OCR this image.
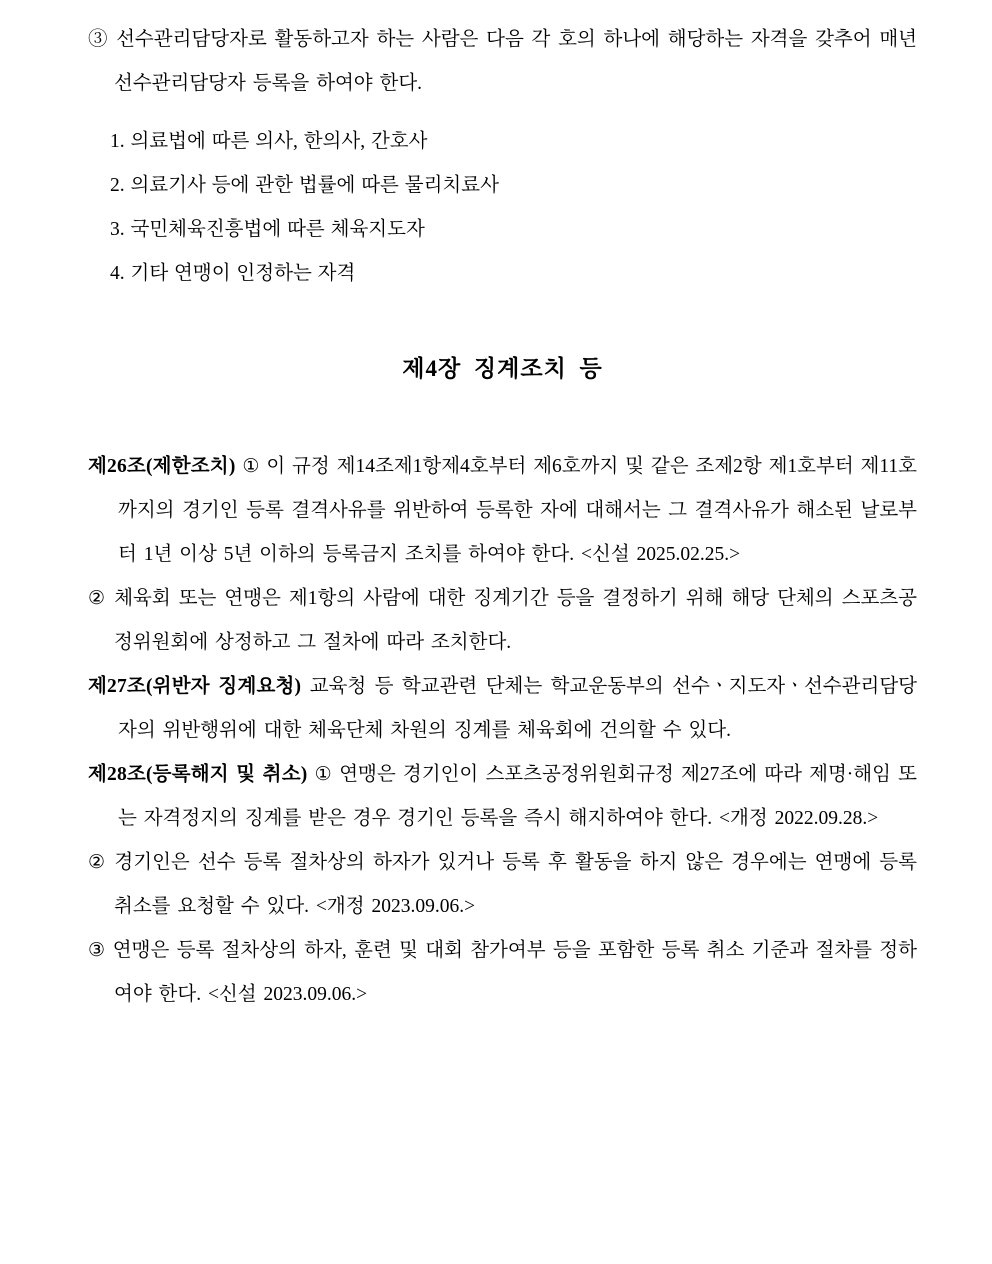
③ 선수관리담당자로 활동하고자 하는 사람은 다음 각 호의 하나에 해당하는 자격을 갖추어 매년 선수관리담당자 등록을 하여야 한다.

1. 의료법에 따른 의사, 한의사, 간호사

2. 의료기사 등에 관한 법률에 따른 물리치료사

3. 국민체육진흥법에 따른 체육지도자

4. 기타 연맹이 인정하는 자격

제4장 징계조치 등

제26조(제한조치) ① 이 규정 제14조제1항제4호부터 제6호까지 및 같은 조제2항 제1호부터 제11호까지의 경기인 등록 결격사유를 위반하여 등록한 자에 대해서는 그 결격사유가 해소된 날로부터 1년 이상 5년 이하의 등록금지 조치를 하여야 한다. <신설 2025.02.25.>

② 체육회 또는 연맹은 제1항의 사람에 대한 징계기간 등을 결정하기 위해 해당 단체의 스포츠공정위원회에 상정하고 그 절차에 따라 조치한다.

제27조(위반자 징계요청) 교육청 등 학교관련 단체는 학교운동부의 선수ㆍ지도자ㆍ선수관리담당자의 위반행위에 대한 체육단체 차원의 징계를 체육회에 건의할 수 있다.

제28조(등록해지 및 취소) ① 연맹은 경기인이 스포츠공정위원회규정 제27조에 따라 제명·해임 또는 자격정지의 징계를 받은 경우 경기인 등록을 즉시 해지하여야 한다. <개정 2022.09.28.>

② 경기인은 선수 등록 절차상의 하자가 있거나 등록 후 활동을 하지 않은 경우에는 연맹에 등록 취소를 요청할 수 있다. <개정 2023.09.06.>

③ 연맹은 등록 절차상의 하자, 훈련 및 대회 참가여부 등을 포함한 등록 취소 기준과 절차를 정하여야 한다. <신설 2023.09.06.>
